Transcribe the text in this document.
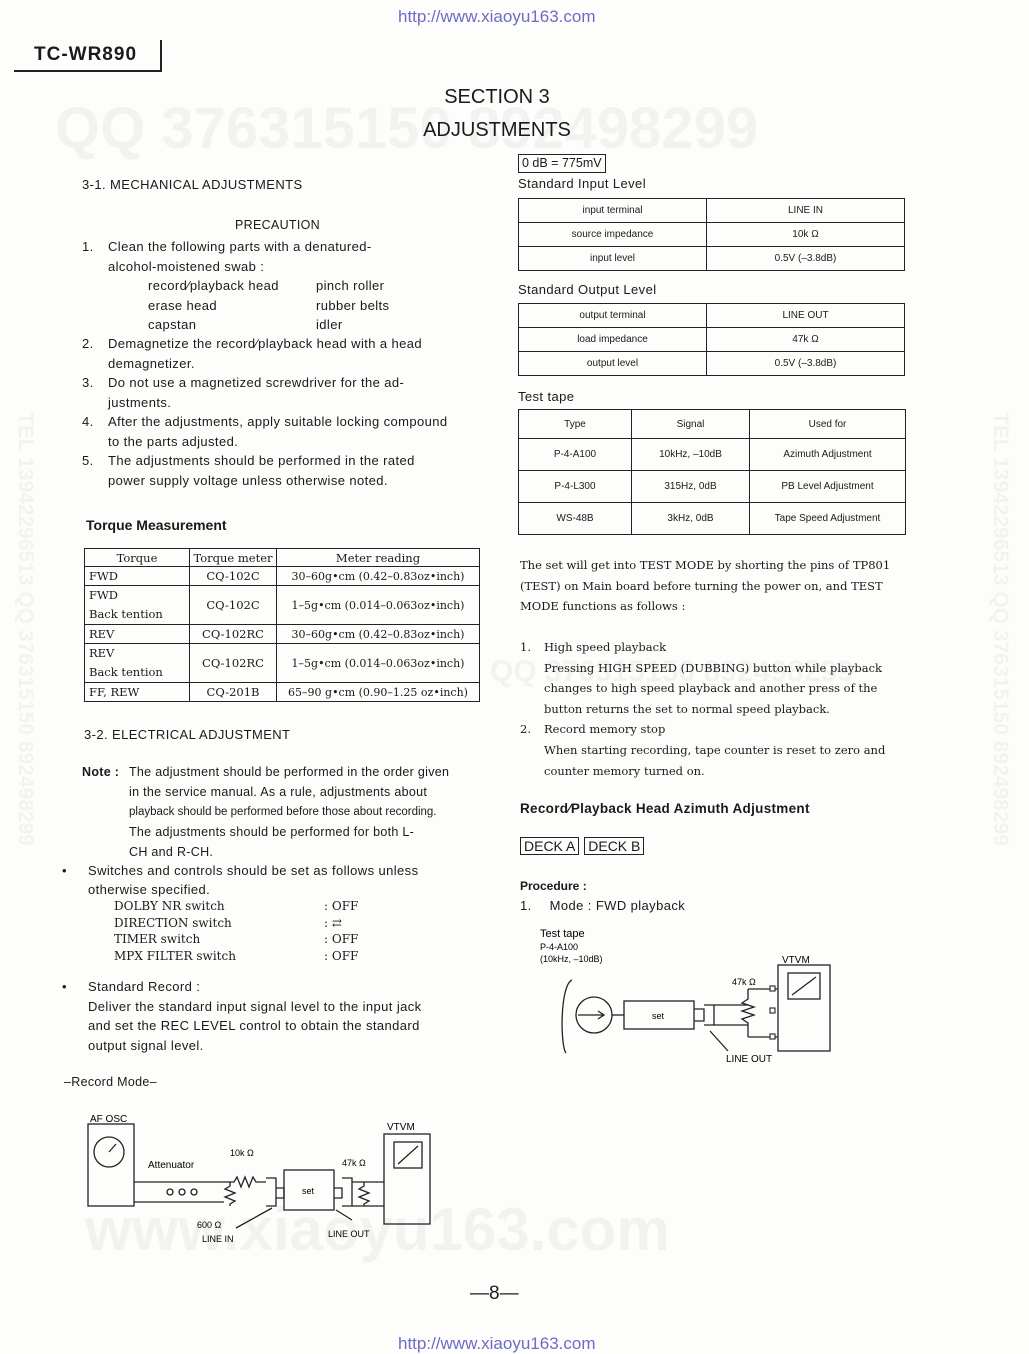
http://www.xiaoyu163.com
TC-WR890
SECTION 3
ADJUSTMENTS
3-1. MECHANICAL ADJUSTMENTS
PRECAUTION
1. Clean the following parts with a denatured-
alcohol-moistened swab :
record∕playback head	pinch roller
erase head	rubber belts
capstan	idler
2. Demagnetize the record∕playback head with a head
demagnetizer.
3. Do not use a magnetized screwdriver for the ad-
justments.
4. After the adjustments, apply suitable locking compound
to the parts adjusted.
5. The adjustments should be performed in the rated
power supply voltage unless otherwise noted.
Torque Measurement
Torque	Torque meter	Meter reading
FWD	CQ-102C	30–60g•cm (0.42–0.83oz•inch)
FWD
Back tention	CQ-102C	1–5g•cm (0.014–0.063oz•inch)
REV	CQ-102RC	30–60g•cm (0.42–0.83oz•inch)
REV
Back tention	CQ-102RC	1–5g•cm (0.014–0.063oz•inch)
FF, REW	CQ-201B	65–90 g•cm (0.90–1.25 oz•inch)
3-2. ELECTRICAL ADJUSTMENT
Note : The adjustment should be performed in the order given
in the service manual. As a rule, adjustments about
playback should be performed before those about recording.
The adjustments should be performed for both L-
CH and R-CH.
• Switches and controls should be set as follows unless
otherwise specified.
DOLBY NR switch	: OFF
DIRECTION switch	: ⇄
TIMER switch	: OFF
MPX FILTER switch	: OFF
• Standard Record :
Deliver the standard input signal level to the input jack
and set the REC LEVEL control to obtain the standard
output signal level.
–Record Mode–
AF OSC
Attenuator
10k Ω
600 Ω
LINE IN
set
47k Ω
VTVM
LINE OUT
0 dB = 775mV
Standard Input Level
input terminal	LINE IN
source impedance	10k Ω
input level	0.5V (–3.8dB)
Standard Output Level
output terminal	LINE OUT
load impedance	47k Ω
output level	0.5V (–3.8dB)
Test tape
Type	Signal	Used for
P-4-A100	10kHz, –10dB	Azimuth Adjustment
P-4-L300	315Hz, 0dB	PB Level Adjustment
WS-48B	3kHz, 0dB	Tape Speed Adjustment
The set will get into TEST MODE by shorting the pins of TP801
(TEST) on Main board before turning the power on, and TEST
MODE functions as follows :
1. High speed playback
Pressing HIGH SPEED (DUBBING) button while playback
changes to high speed playback and another press of the
button returns the set to normal speed playback.
2. Record memory stop
When starting recording, tape counter is reset to zero and
counter memory turned on.
Record∕Playback Head Azimuth Adjustment
DECK A DECK B
Procedure :
1. Mode : FWD playback
Test tape
P-4-A100
(10kHz, –10dB)	VTVM
47k Ω
set
LINE OUT
—8—
http://www.xiaoyu163.com
